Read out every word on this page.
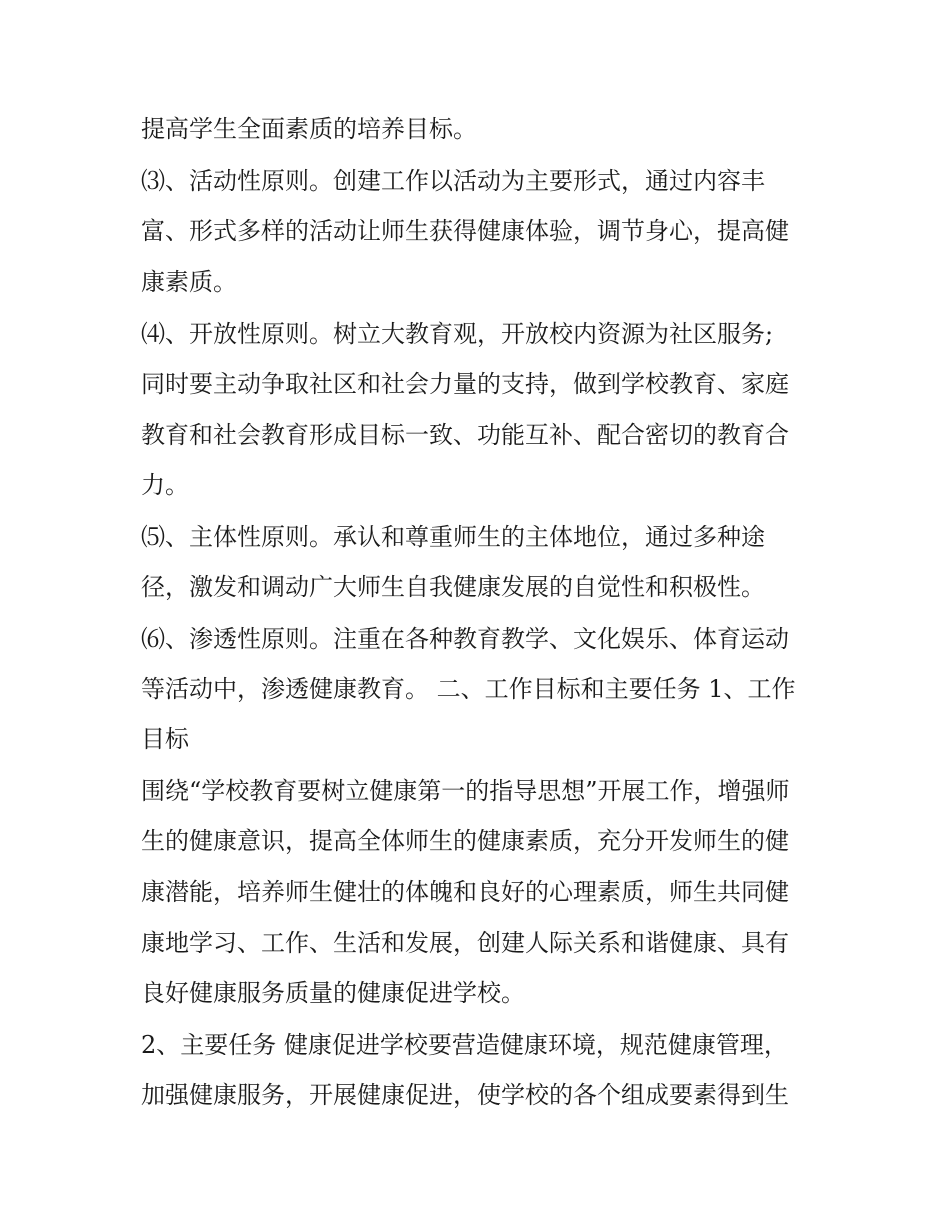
提高学生全面素质的培养目标。
⑶、活动性原则。创建工作以活动为主要形式，通过内容丰
富、形式多样的活动让师生获得健康体验，调节身心，提高健
康素质。
⑷、开放性原则。树立大教育观，开放校内资源为社区服务;
同时要主动争取社区和社会力量的支持，做到学校教育、家庭
教育和社会教育形成目标一致、功能互补、配合密切的教育合
力。
⑸、主体性原则。承认和尊重师生的主体地位，通过多种途
径，激发和调动广大师生自我健康发展的自觉性和积极性。
⑹、渗透性原则。注重在各种教育教学、文化娱乐、体育运动
等活动中，渗透健康教育。 二、工作目标和主要任务 1、工作
目标
围绕“学校教育要树立健康第一的指导思想”开展工作，增强师
生的健康意识，提高全体师生的健康素质，充分开发师生的健
康潜能，培养师生健壮的体魄和良好的心理素质，师生共同健
康地学习、工作、生活和发展，创建人际关系和谐健康、具有
良好健康服务质量的健康促进学校。
2、主要任务 健康促进学校要营造健康环境，规范健康管理，
加强健康服务，开展健康促进，使学校的各个组成要素得到生
